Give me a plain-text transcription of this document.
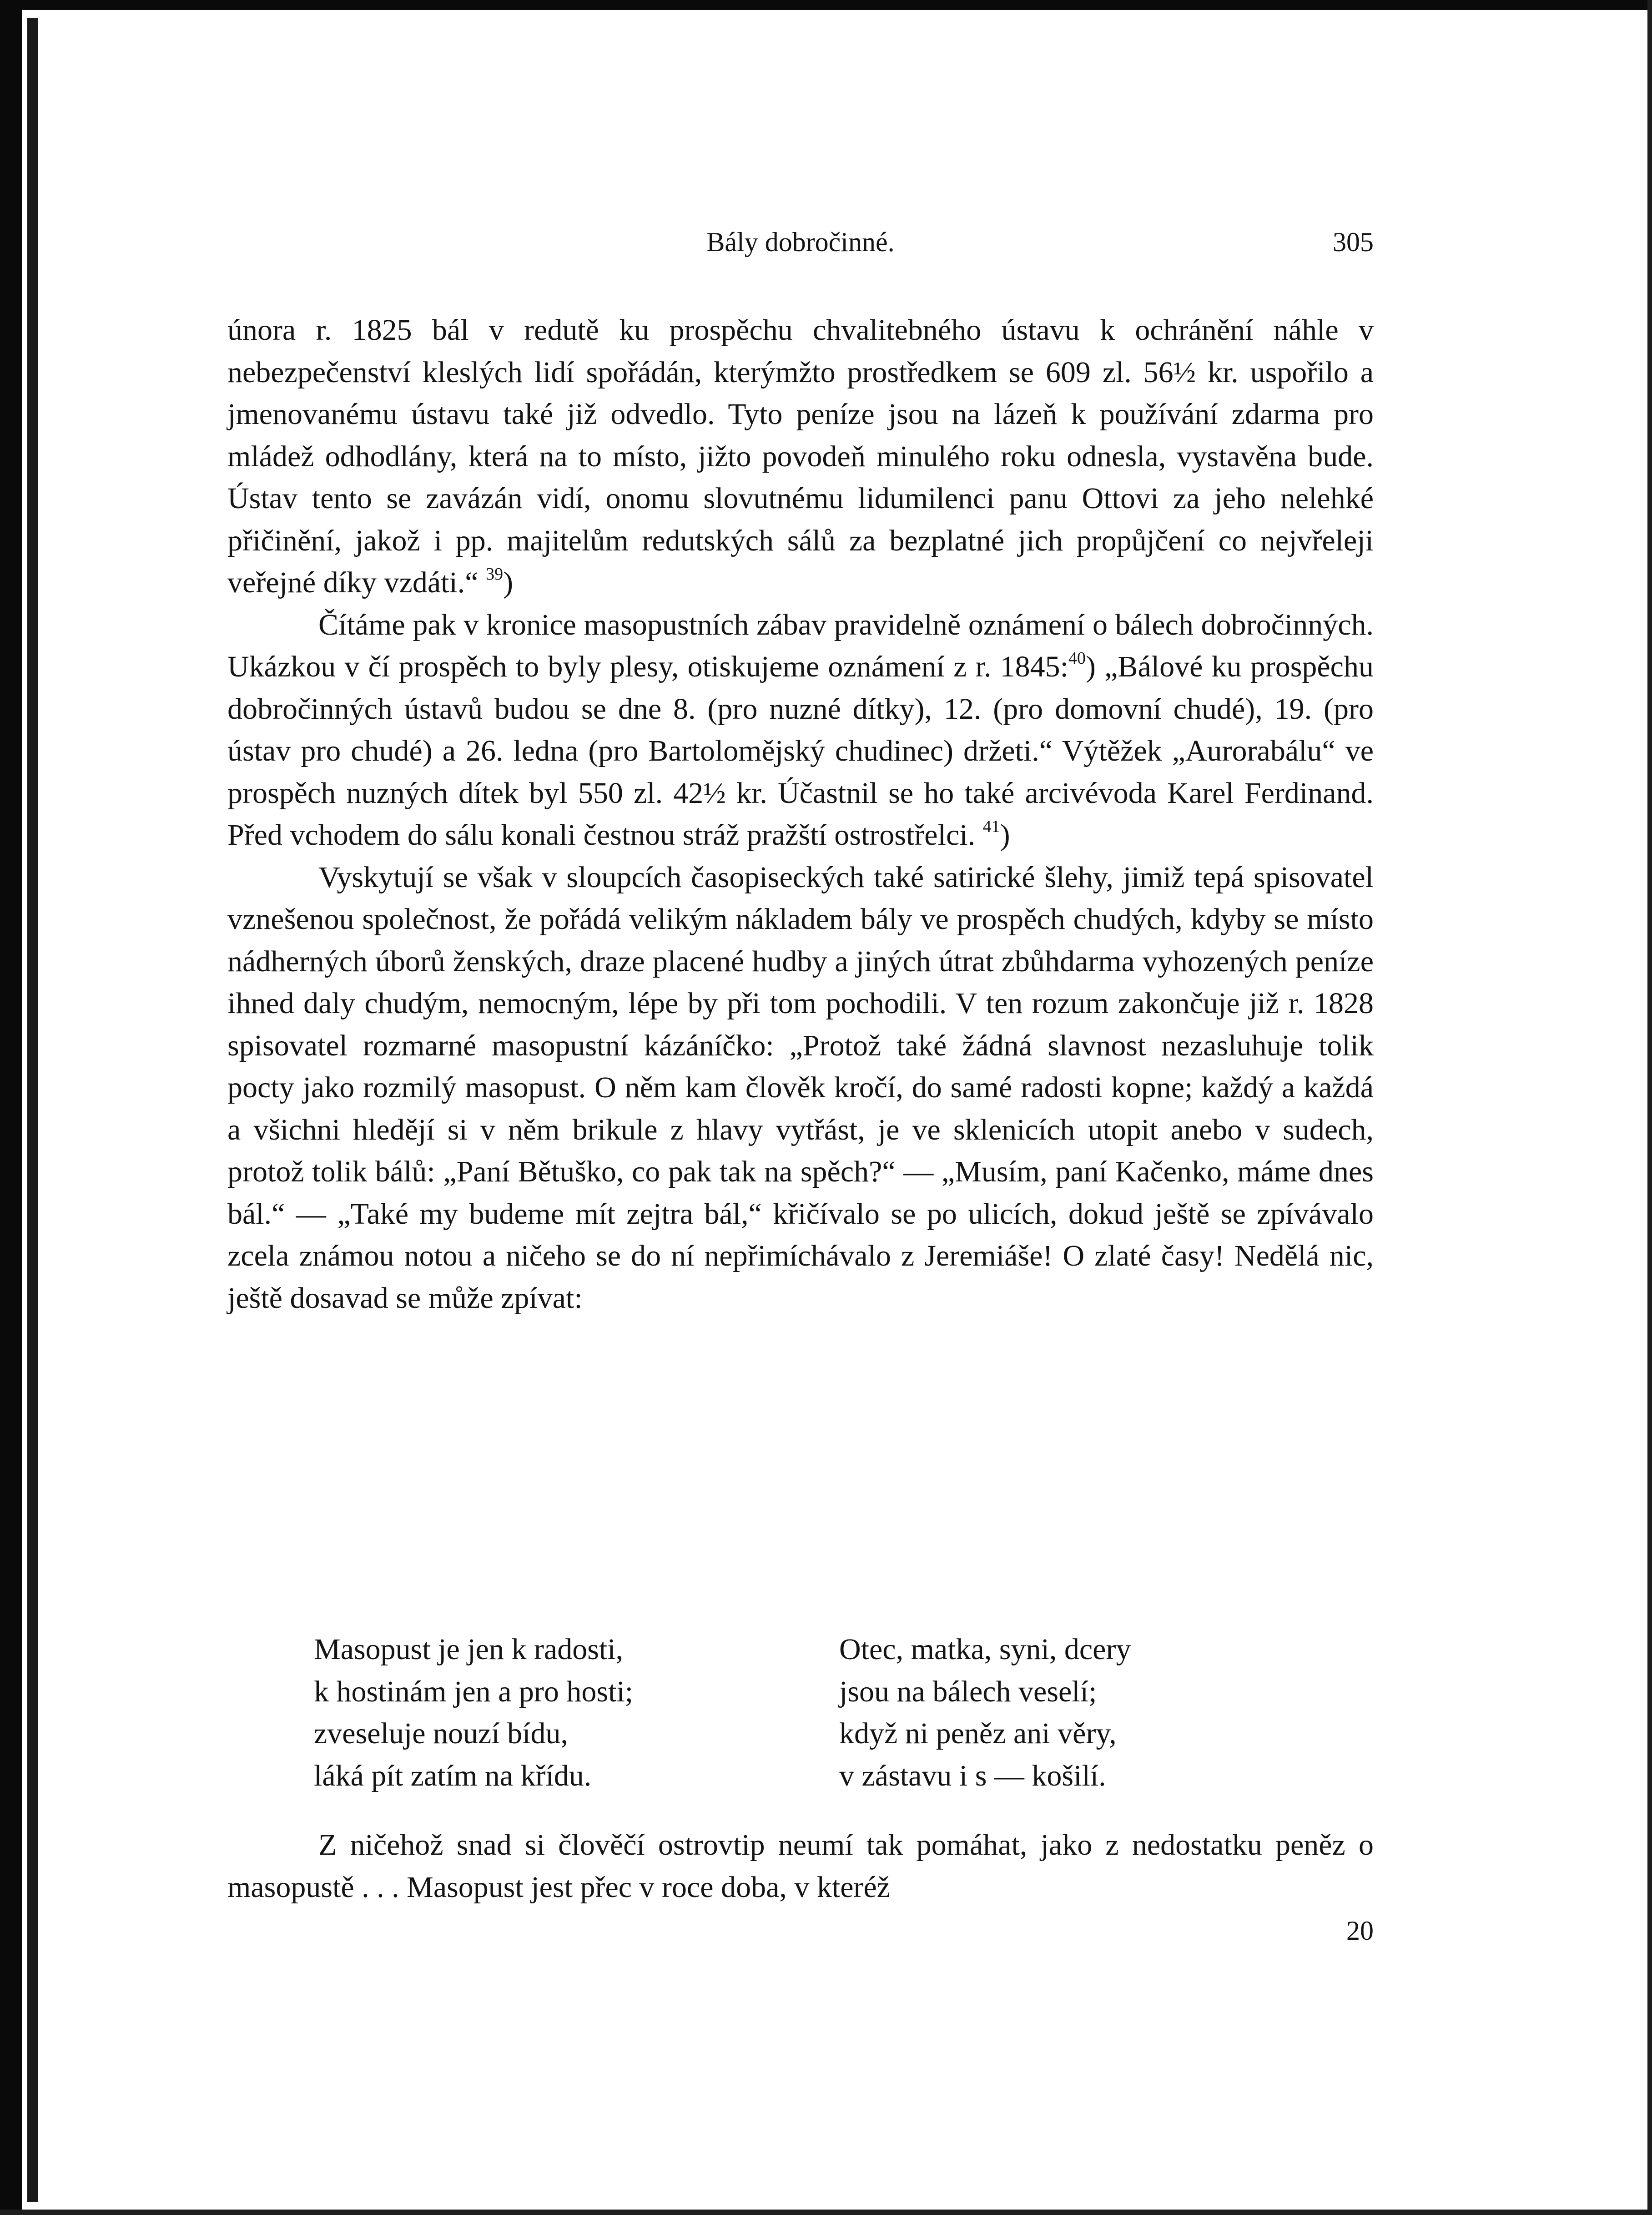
Bály dobročinné.	305

února r. 1825 bál v redutě ku prospěchu chvalitebného ústavu k ochránění náhle v nebezpečenství kleslých lidí spořádán, kterýmžto prostředkem se 609 zl. 56½ kr. uspořilo a jmenovanému ústavu také již odvedlo. Tyto peníze jsou na lázeň k používání zdarma pro mládež odhodlány, která na to místo, jižto povodeň minulého roku odnesla, vystavěna bude. Ústav tento se zavázán vidí, onomu slovutnému lidumilenci panu Ottovi za jeho nelehké přičinění, jakož i pp. majitelům redutských sálů za bezplatné jich propůjčení co nejvřeleji veřejné díky vzdáti.“ $^{39}$)

Čítáme pak v kronice masopustních zábav pravidelně oznámení o bálech dobročinných. Ukázkou v čí prospěch to byly plesy, otiskujeme oznámení z r. 1845:$^{40}$) „Bálové ku prospěchu dobročinných ústavů budou se dne 8. (pro nuzné dítky), 12. (pro domovní chudé), 19. (pro ústav pro chudé) a 26. ledna (pro Bartolomějský chudinec) držeti.“ Výtěžek „Aurorabálu“ ve prospěch nuzných dítek byl 550 zl. 42½ kr. Účastnil se ho také arcivévoda Karel Ferdinand. Před vchodem do sálu konali čestnou stráž pražští ostrostřelci. $^{41}$)

Vyskytují se však v sloupcích časopiseckých také satirické šlehy, jimiž tepá spisovatel vznešenou společnost, že pořádá velikým nákladem bály ve prospěch chudých, kdyby se místo nádherných úborů ženských, draze placené hudby a jiných útrat zbůhdarma vyhozených peníze ihned daly chudým, nemocným, lépe by při tom pochodili. V ten rozum zakončuje již r. 1828 spisovatel rozmarné masopustní kázáníčko: „Protož také žádná slavnost nezasluhuje tolik pocty jako rozmilý masopust. O něm kam člověk kročí, do samé radosti kopne; každý a každá a všichni hledějí si v něm brikule z hlavy vytřást, je ve sklenicích utopit anebo v sudech, protož tolik bálů: „Paní Bětuško, co pak tak na spěch?“ — „Musím, paní Kačenko, máme dnes bál.“ — „Také my budeme mít zejtra bál,“ křičívalo se po ulicích, dokud ještě se zpívávalo zcela známou notou a ničeho se do ní nepřimíchávalo z Jeremiáše! O zlaté časy! Nedělá nic, ještě dosavad se může zpívat:

Masopust je jen k radosti,
k hostinám jen a pro hosti;
zveseluje nouzí bídu,
láká pít zatím na křídu.
Otec, matka, syni, dcery
jsou na bálech veselí;
když ni peněz ani věry,
v zástavu i s — košilí.

Z ničehož snad si člověčí ostrovtip neumí tak pomáhat, jako z nedostatku peněz o masopustě . . . Masopust jest přec v roce doba, v kteréž

20
